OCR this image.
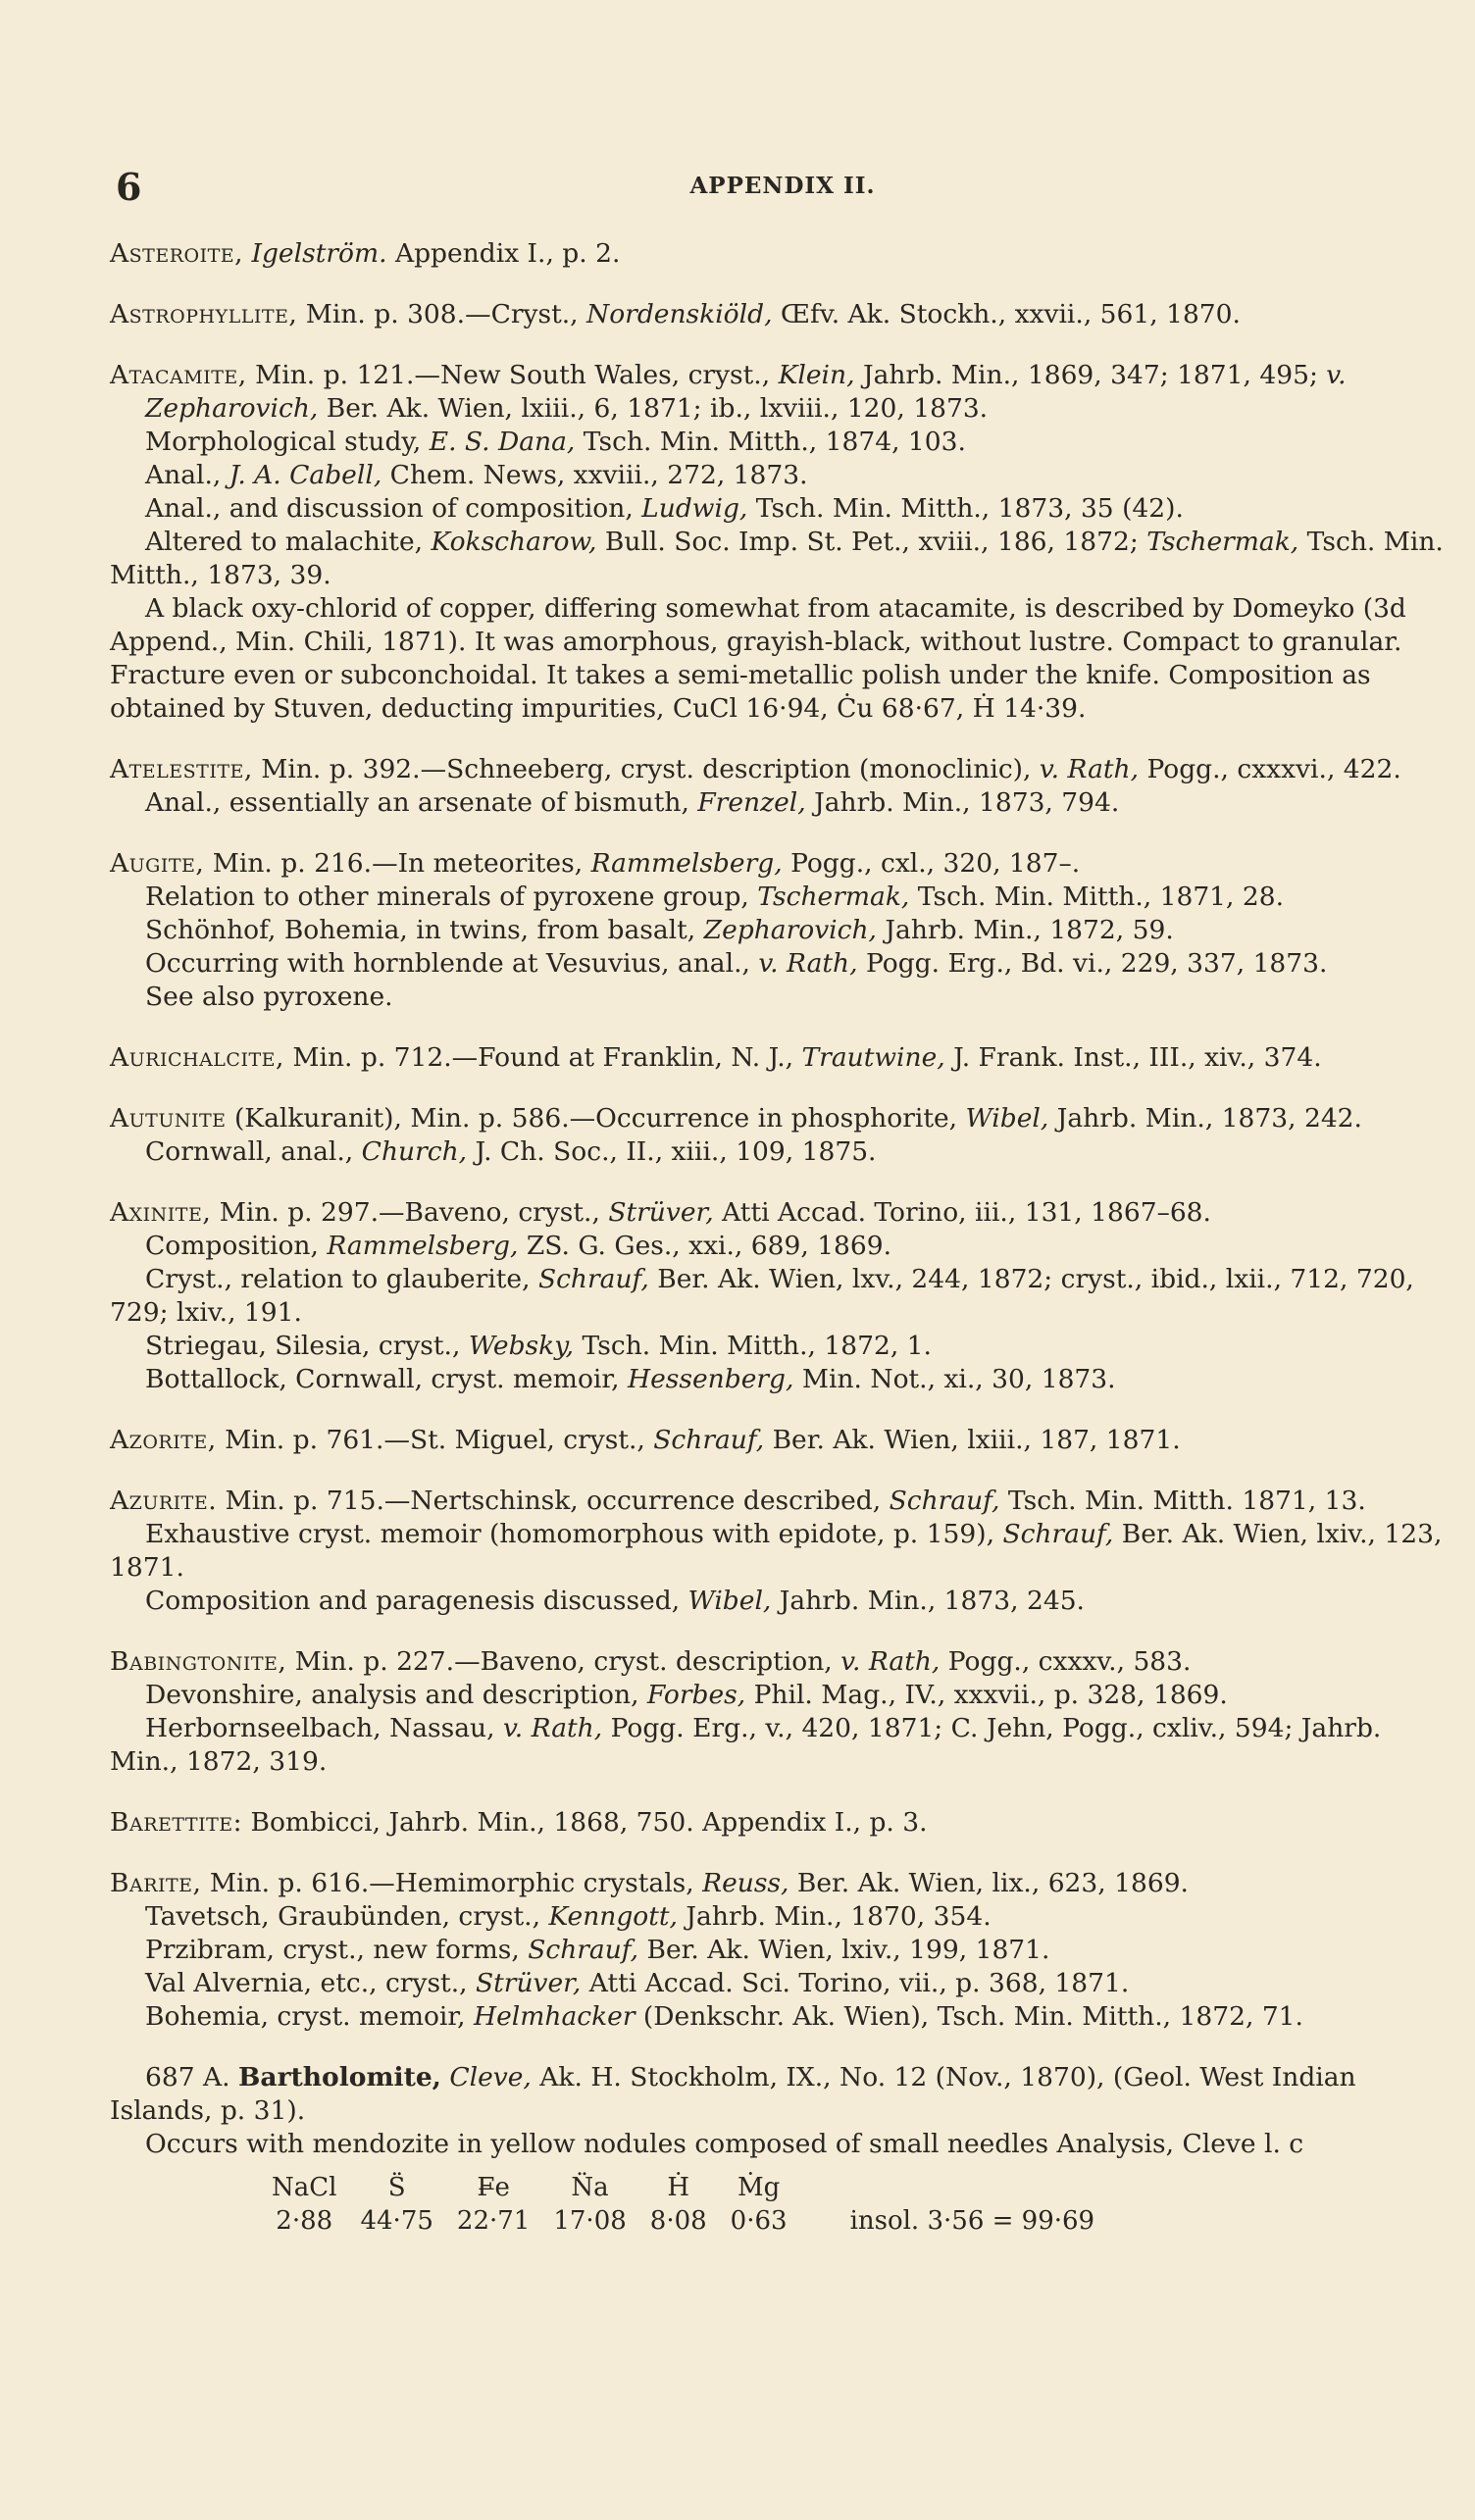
6	APPENDIX II.

Asteroite, Igelström. Appendix I., p. 2.

Astrophyllite, Min. p. 308.—Cryst., Nordenskiöld, Œfv. Ak. Stockh., xxvii., 561, 1870.

Atacamite, Min. p. 121.—New South Wales, cryst., Klein, Jahrb. Min., 1869, 347; 1871, 495; v. Zepharovich, Ber. Ak. Wien, lxiii., 6, 1871; ib., lxviii., 120, 1873.

Morphological study, E. S. Dana, Tsch. Min. Mitth., 1874, 103.

Anal., J. A. Cabell, Chem. News, xxviii., 272, 1873.

Anal., and discussion of composition, Ludwig, Tsch. Min. Mitth., 1873, 35 (42).

Altered to malachite, Kokscharow, Bull. Soc. Imp. St. Pet., xviii., 186, 1872; Tschermak, Tsch. Min. Mitth., 1873, 39.

A black oxy-chlorid of copper, differing somewhat from atacamite, is described by Domeyko (3d Append., Min. Chili, 1871). It was amorphous, grayish-black, without lustre. Compact to granular. Fracture even or subconchoidal. It takes a semi-metallic polish under the knife. Composition as obtained by Stuven, deducting impurities, CuCl 16·94, Ċu 68·67, Ḣ 14·39.

Atelestite, Min. p. 392.—Schneeberg, cryst. description (monoclinic), v. Rath, Pogg., cxxxvi., 422.

Anal., essentially an arsenate of bismuth, Frenzel, Jahrb. Min., 1873, 794.

Augite, Min. p. 216.—In meteorites, Rammelsberg, Pogg., cxl., 320, 187–.

Relation to other minerals of pyroxene group, Tschermak, Tsch. Min. Mitth., 1871, 28.

Schönhof, Bohemia, in twins, from basalt, Zepharovich, Jahrb. Min., 1872, 59.

Occurring with hornblende at Vesuvius, anal., v. Rath, Pogg. Erg., Bd. vi., 229, 337, 1873.

See also pyroxene.

Aurichalcite, Min. p. 712.—Found at Franklin, N. J., Trautwine, J. Frank. Inst., III., xiv., 374.

Autunite (Kalkuranit), Min. p. 586.—Occurrence in phosphorite, Wibel, Jahrb. Min., 1873, 242. Cornwall, anal., Church, J. Ch. Soc., II., xiii., 109, 1875.

Axinite, Min. p. 297.—Baveno, cryst., Strüver, Atti Accad. Torino, iii., 131, 1867–68.

Composition, Rammelsberg, ZS. G. Ges., xxi., 689, 1869.

Cryst., relation to glauberite, Schrauf, Ber. Ak. Wien, lxv., 244, 1872; cryst., ibid., lxii., 712, 720, 729; lxiv., 191.

Striegau, Silesia, cryst., Websky, Tsch. Min. Mitth., 1872, 1.

Bottallock, Cornwall, cryst. memoir, Hessenberg, Min. Not., xi., 30, 1873.

Azorite, Min. p. 761.—St. Miguel, cryst., Schrauf, Ber. Ak. Wien, lxiii., 187, 1871.

Azurite. Min. p. 715.—Nertschinsk, occurrence described, Schrauf, Tsch. Min. Mitth. 1871, 13.

Exhaustive cryst. memoir (homomorphous with epidote, p. 159), Schrauf, Ber. Ak. Wien, lxiv., 123, 1871.

Composition and paragenesis discussed, Wibel, Jahrb. Min., 1873, 245.

Babingtonite, Min. p. 227.—Baveno, cryst. description, v. Rath, Pogg., cxxxv., 583.

Devonshire, analysis and description, Forbes, Phil. Mag., IV., xxxvii., p. 328, 1869.

Herbornseelbach, Nassau, v. Rath, Pogg. Erg., v., 420, 1871; C. Jehn, Pogg., cxliv., 594; Jahrb. Min., 1872, 319.

Barettite: Bombicci, Jahrb. Min., 1868, 750. Appendix I., p. 3.

Barite, Min. p. 616.—Hemimorphic crystals, Reuss, Ber. Ak. Wien, lix., 623, 1869.

Tavetsch, Graubünden, cryst., Kenngott, Jahrb. Min., 1870, 354.

Przibram, cryst., new forms, Schrauf, Ber. Ak. Wien, lxiv., 199, 1871.

Val Alvernia, etc., cryst., Strüver, Atti Accad. Sci. Torino, vii., p. 368, 1871.

Bohemia, cryst. memoir, Helmhacker (Denkschr. Ak. Wien), Tsch. Min. Mitth., 1872, 71.

687 A. Bartholomite, Cleve, Ak. H. Stockholm, IX., No. 12 (Nov., 1870), (Geol. West Indian Islands, p. 31).

Occurs with mendozite in yellow nodules composed of small needles Analysis, Cleve l. c

NaCl	S̈	F̶e	N̈a	Ḣ	Ṁg	
2·88	44·75	22·71	17·08	8·08	0·63	insol. 3·56 = 99·69
